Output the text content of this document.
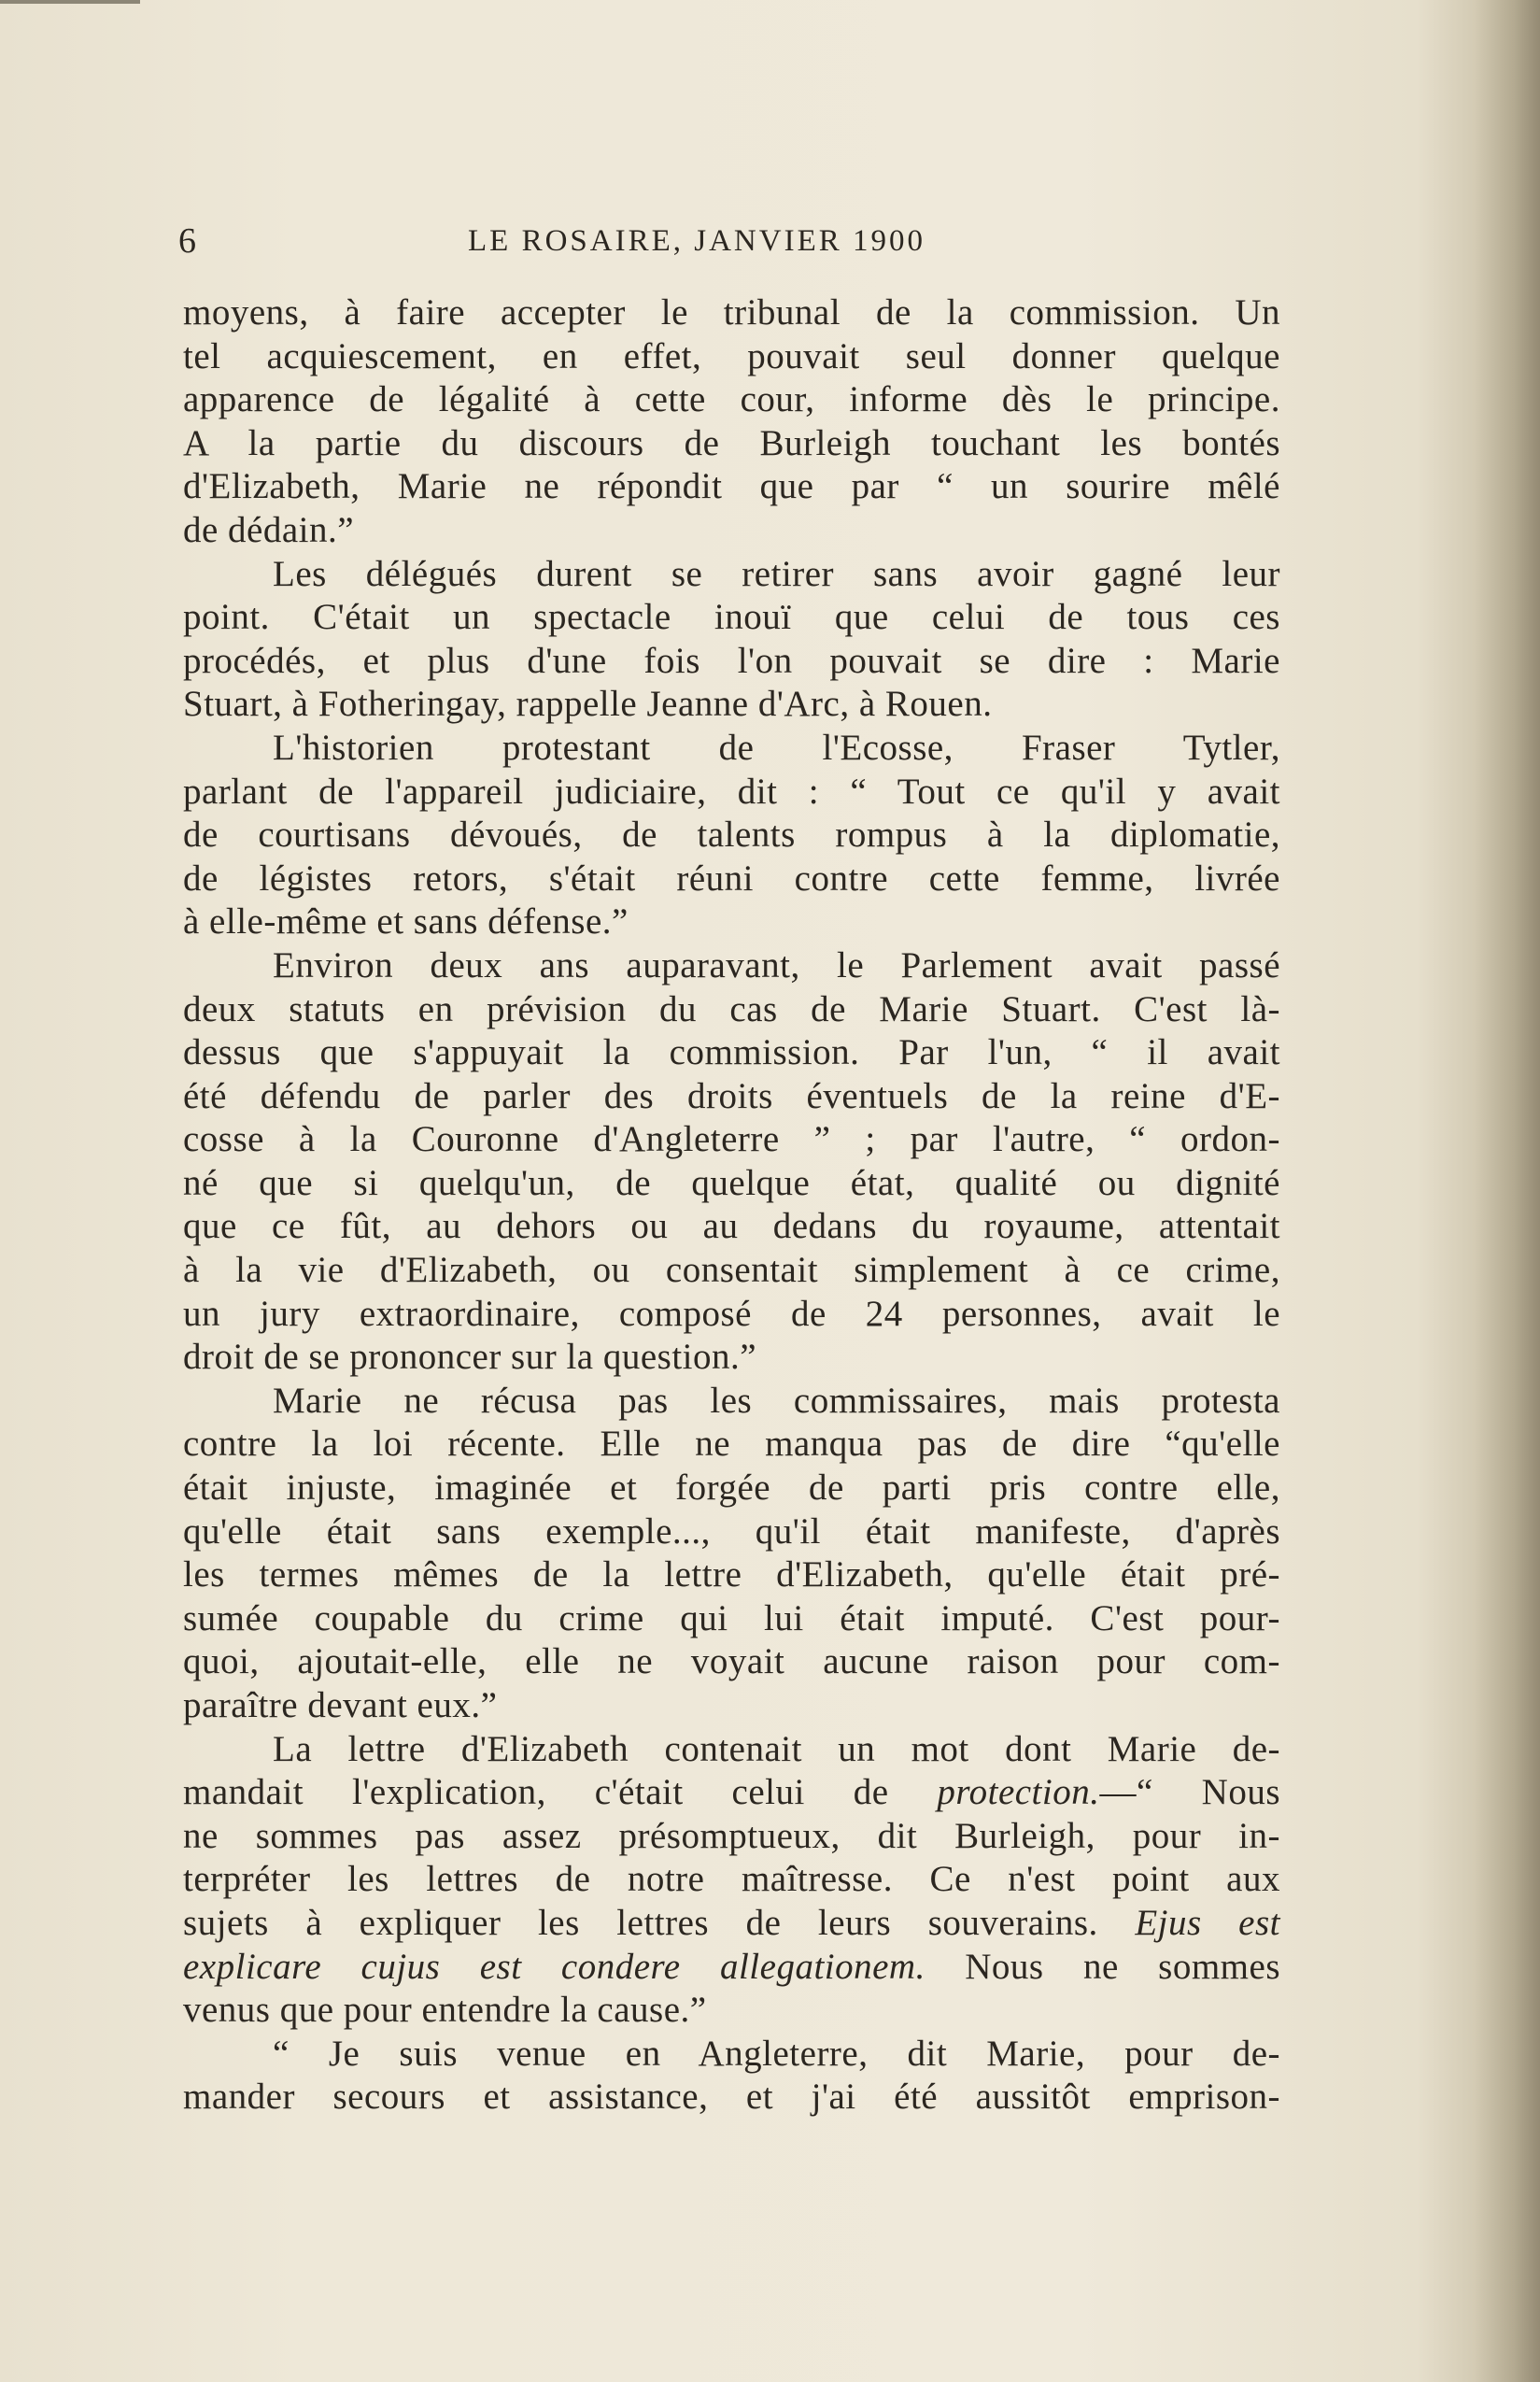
6	LE ROSAIRE, JANVIER 1900
moyens, à faire accepter le tribunal de la commission. Un
tel acquiescement, en effet, pouvait seul donner quelque
apparence de légalité à cette cour, informe dès le principe.
A la partie du discours de Burleigh touchant les bontés
d'Elizabeth, Marie ne répondit que par “ un sourire mêlé
de dédain.”
Les délégués durent se retirer sans avoir gagné leur
point. C'était un spectacle inouï que celui de tous ces
procédés, et plus d'une fois l'on pouvait se dire : Marie
Stuart, à Fotheringay, rappelle Jeanne d'Arc, à Rouen.
L'historien protestant de l'Ecosse, Fraser Tytler,
parlant de l'appareil judiciaire, dit : “ Tout ce qu'il y avait
de courtisans dévoués, de talents rompus à la diplomatie,
de légistes retors, s'était réuni contre cette femme, livrée
à elle-même et sans défense.”
Environ deux ans auparavant, le Parlement avait passé
deux statuts en prévision du cas de Marie Stuart. C'est là-
dessus que s'appuyait la commission. Par l'un, “ il avait
été défendu de parler des droits éventuels de la reine d'E-
cosse à la Couronne d'Angleterre ” ; par l'autre, “ ordon-
né que si quelqu'un, de quelque état, qualité ou dignité
que ce fût, au dehors ou au dedans du royaume, attentait
à la vie d'Elizabeth, ou consentait simplement à ce crime,
un jury extraordinaire, composé de 24 personnes, avait le
droit de se prononcer sur la question.”
Marie ne récusa pas les commissaires, mais protesta
contre la loi récente. Elle ne manqua pas de dire “qu'elle
était injuste, imaginée et forgée de parti pris contre elle,
qu'elle était sans exemple..., qu'il était manifeste, d'après
les termes mêmes de la lettre d'Elizabeth, qu'elle était pré-
sumée coupable du crime qui lui était imputé. C'est pour-
quoi, ajoutait-elle, elle ne voyait aucune raison pour com-
paraître devant eux.”
La lettre d'Elizabeth contenait un mot dont Marie de-
mandait l'explication, c'était celui de protection.—“ Nous
ne sommes pas assez présomptueux, dit Burleigh, pour in-
terpréter les lettres de notre maîtresse. Ce n'est point aux
sujets à expliquer les lettres de leurs souverains. Ejus est
explicare cujus est condere allegationem. Nous ne sommes
venus que pour entendre la cause.”
“ Je suis venue en Angleterre, dit Marie, pour de-
mander secours et assistance, et j'ai été aussitôt emprison-
